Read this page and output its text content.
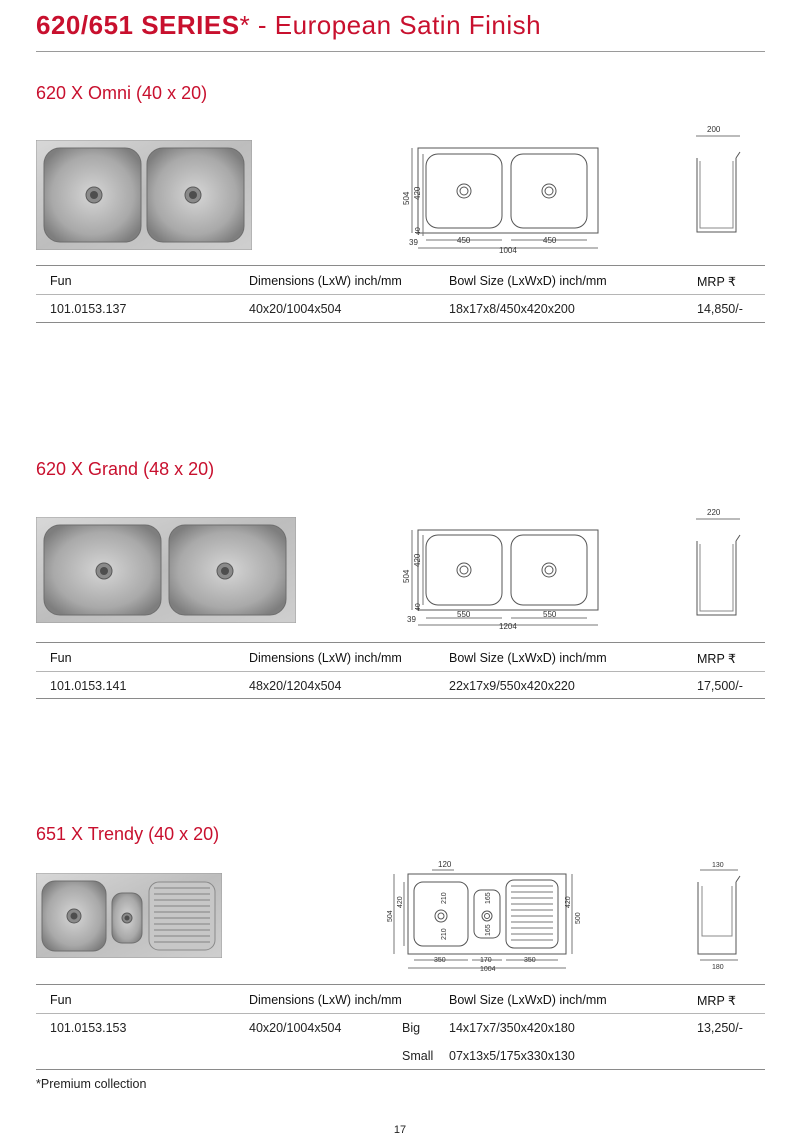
620/651 SERIES* - European Satin Finish
620 X Omni (40 x 20)
504 420
40
39	450	450
1004
200
Fun	Dimensions (LxW) inch/mm	Bowl Size (LxWxD) inch/mm	MRP ₹
101.0153.137	40x20/1004x504	18x17x8/450x420x200	14,850/-
620 X Grand (48 x 20)
504
420
40
39
550	550
1204
220
Fun	Dimensions (LxW) inch/mm	Bowl Size (LxWxD) inch/mm	MRP ₹
101.0153.141	48x20/1204x504	22x17x9/550x420x220	17,500/-
651 X Trendy (40 x 20)
120
504
420	210
210
165
165
420
500
350	170	350
1004
130
180
Fun	Dimensions (LxW) inch/mm	Bowl Size (LxWxD) inch/mm	MRP ₹
101.0153.153	40x20/1004x504	Big 14x17x7/350x420x180	13,250/-
Small 07x13x5/175x330x130
*Premium collection
17
